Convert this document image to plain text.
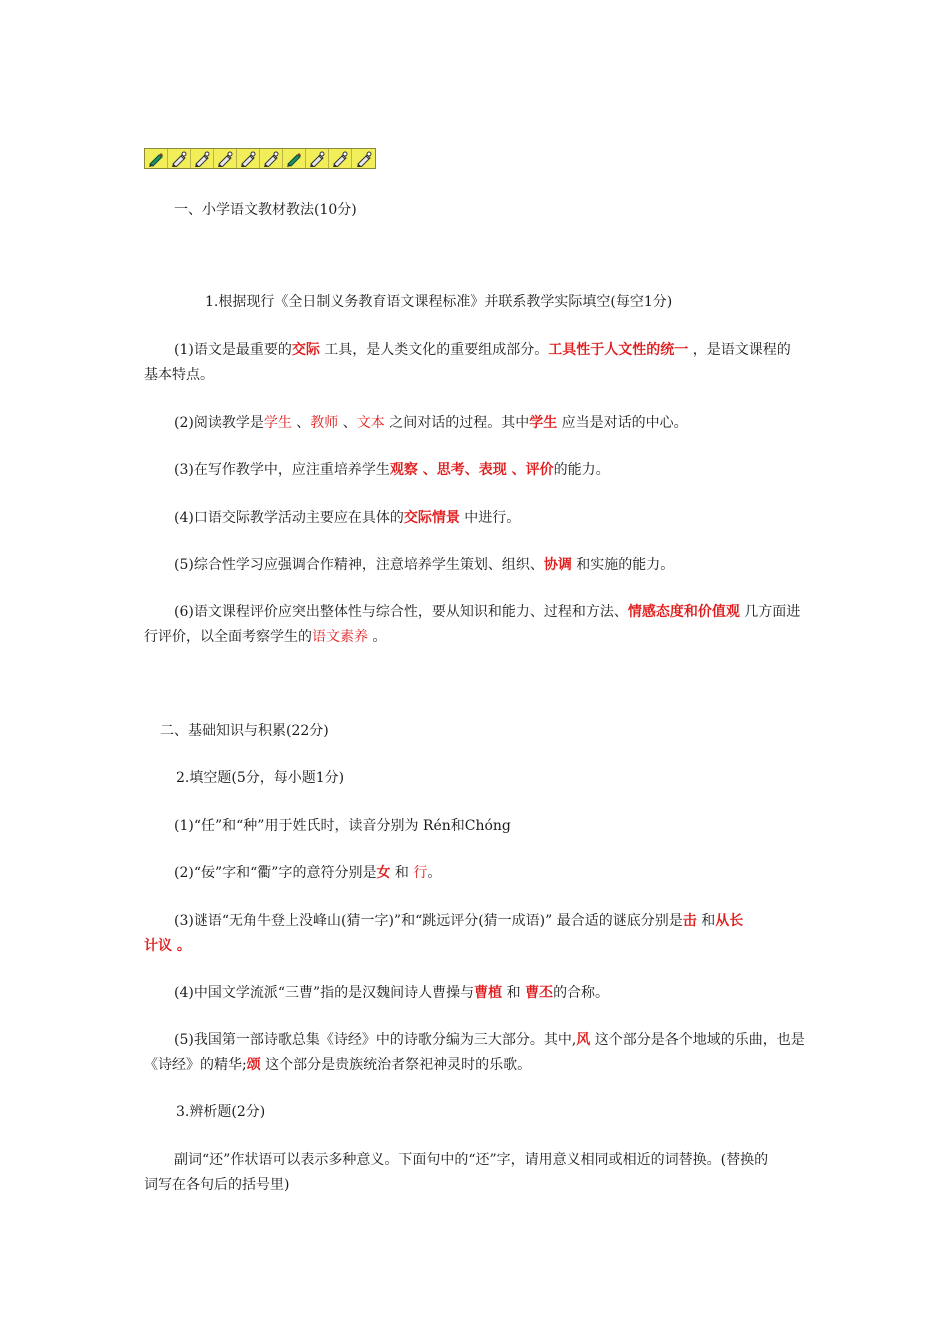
一、小学语文教材教法(10分)
1.根据现行《全日制义务教育语文课程标准》并联系教学实际填空(每空1分)
(1)语文是最重要的交际 工具，是人类文化的重要组成部分。工具性于人文性的统一 ，是语文课程的
基本特点。
(2)阅读教学是学生 、教师 、文本 之间对话的过程。其中学生 应当是对话的中心。
(3)在写作教学中，应注重培养学生观察 、思考、表现 、评价的能力。
(4)口语交际教学活动主要应在具体的交际情景 中进行。
(5)综合性学习应强调合作精神，注意培养学生策划、组织、协调 和实施的能力。
(6)语文课程评价应突出整体性与综合性，要从知识和能力、过程和方法、情感态度和价值观 几方面进
行评价，以全面考察学生的语文素养 。
二、基础知识与积累(22分)
2.填空题(5分，每小题1分)
(1)“任”和“种”用于姓氏时，读音分别为 Rén和Chóng
(2)“佞”字和“衢”字的意符分别是女 和 行。
(3)谜语“无角牛登上没峰山(猜一字)”和“跳远评分(猜一成语)” 最合适的谜底分别是击 和从长
计议 。
(4)中国文学流派“三曹”指的是汉魏间诗人曹操与曹植 和 曹丕的合称。
(5)我国第一部诗歌总集《诗经》中的诗歌分编为三大部分。其中,风 这个部分是各个地域的乐曲，也是
《诗经》的精华;颂 这个部分是贵族统治者祭祀神灵时的乐歌。
3.辨析题(2分)
副词“还”作状语可以表示多种意义。下面句中的“还”字，请用意义相同或相近的词替换。(替换的
词写在各句后的括号里)
